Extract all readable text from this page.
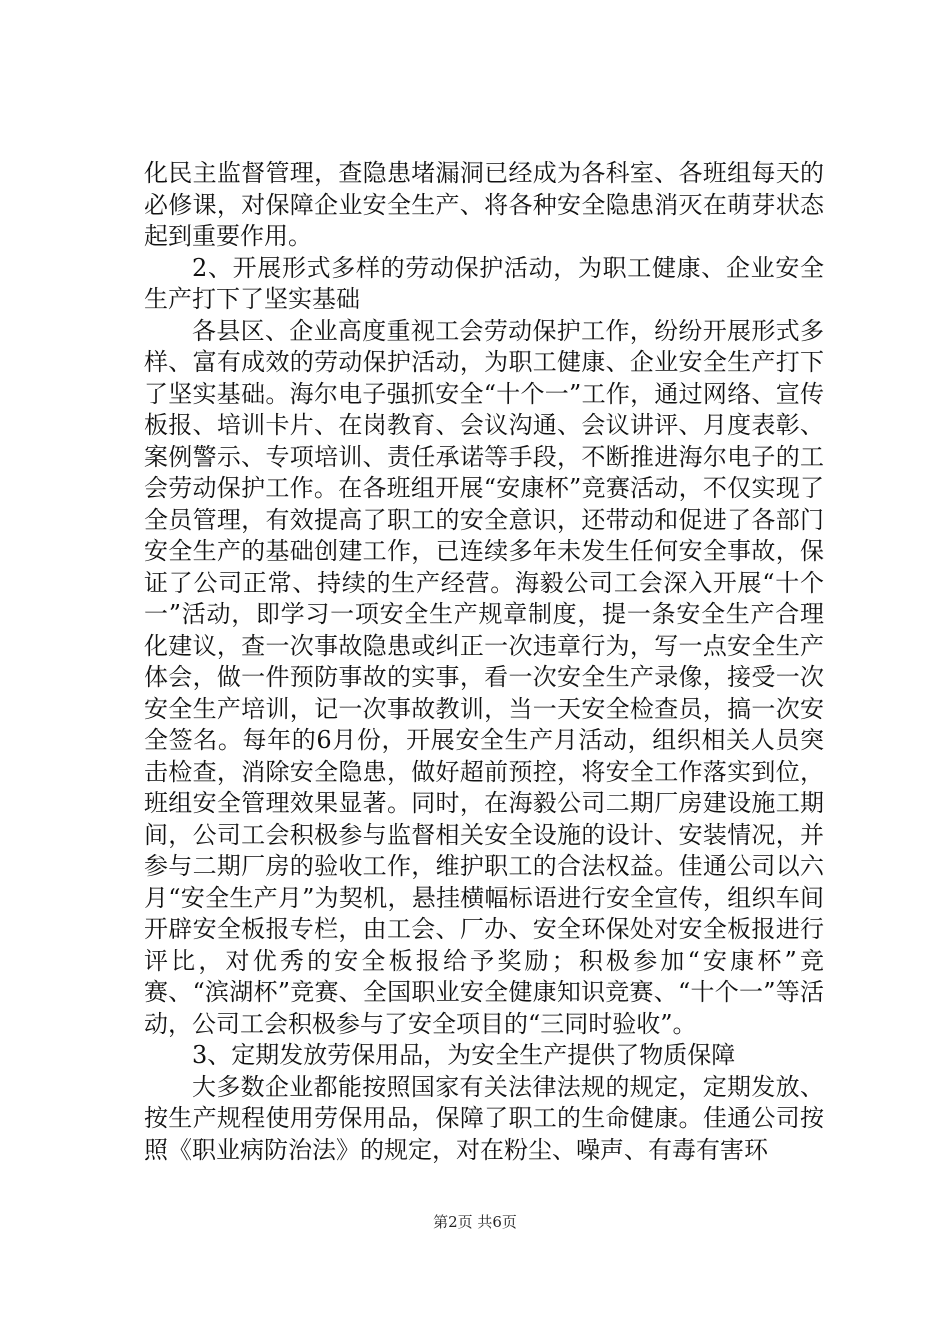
化民主监督管理，查隐患堵漏洞已经成为各科室、各班组每天的必修课，对保障企业安全生产、将各种安全隐患消灭在萌芽状态起到重要作用。

2、开展形式多样的劳动保护活动，为职工健康、企业安全生产打下了坚实基础

各县区、企业高度重视工会劳动保护工作，纷纷开展形式多样、富有成效的劳动保护活动，为职工健康、企业安全生产打下了坚实基础。海尔电子强抓安全“十个一”工作，通过网络、宣传板报、培训卡片、在岗教育、会议沟通、会议讲评、月度表彰、案例警示、专项培训、责任承诺等手段，不断推进海尔电子的工会劳动保护工作。在各班组开展“安康杯”竞赛活动，不仅实现了全员管理，有效提高了职工的安全意识，还带动和促进了各部门安全生产的基础创建工作，已连续多年未发生任何安全事故，保证了公司正常、持续的生产经营。海毅公司工会深入开展“十个一”活动，即学习一项安全生产规章制度，提一条安全生产合理化建议，查一次事故隐患或纠正一次违章行为，写一点安全生产体会，做一件预防事故的实事，看一次安全生产录像，接受一次安全生产培训，记一次事故教训，当一天安全检查员，搞一次安全签名。每年的6月份，开展安全生产月活动，组织相关人员突击检查，消除安全隐患，做好超前预控，将安全工作落实到位，班组安全管理效果显著。同时，在海毅公司二期厂房建设施工期间，公司工会积极参与监督相关安全设施的设计、安装情况，并参与二期厂房的验收工作，维护职工的合法权益。佳通公司以六月“安全生产月”为契机，悬挂横幅标语进行安全宣传，组织车间开辟安全板报专栏，由工会、厂办、安全环保处对安全板报进行评比，对优秀的安全板报给予奖励；积极参加“安康杯”竞赛、“滨湖杯”竞赛、全国职业安全健康知识竞赛、“十个一”等活动，公司工会积极参与了安全项目的“三同时验收”。

3、定期发放劳保用品，为安全生产提供了物质保障

大多数企业都能按照国家有关法律法规的规定，定期发放、按生产规程使用劳保用品，保障了职工的生命健康。佳通公司按照《职业病防治法》的规定，对在粉尘、噪声、有毒有害环

第2页 共6页
